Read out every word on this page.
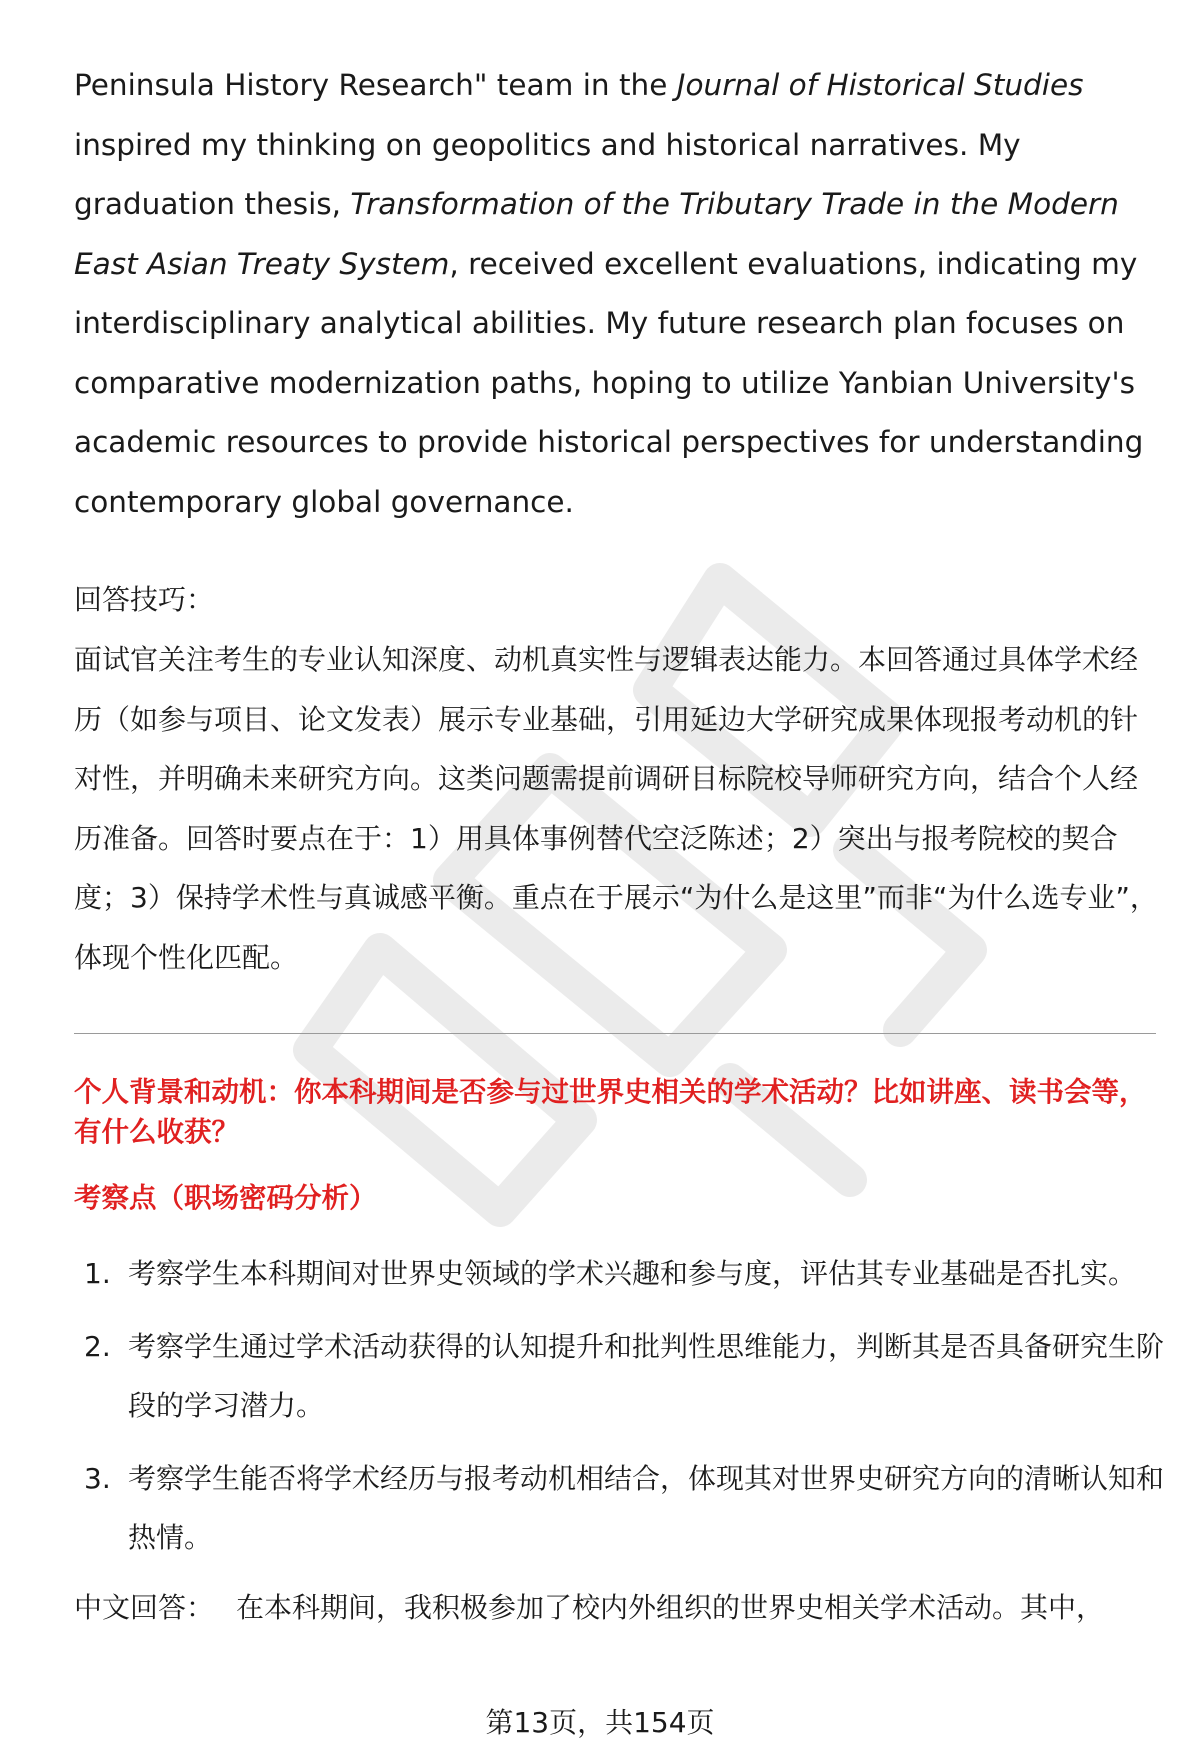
Peninsula History Research" team in the Journal of Historical Studies inspired my thinking on geopolitics and historical narratives. My graduation thesis, Transformation of the Tributary Trade in the Modern East Asian Treaty System, received excellent evaluations, indicating my interdisciplinary analytical abilities. My future research plan focuses on comparative modernization paths, hoping to utilize Yanbian University's academic resources to provide historical perspectives for understanding contemporary global governance.

回答技巧：

面试官关注考生的专业认知深度、动机真实性与逻辑表达能力。本回答通过具体学术经历（如参与项目、论文发表）展示专业基础，引用延边大学研究成果体现报考动机的针对性，并明确未来研究方向。这类问题需提前调研目标院校导师研究方向，结合个人经历准备。回答时要点在于：1）用具体事例替代空泛陈述；2）突出与报考院校的契合度；3）保持学术性与真诚感平衡。重点在于展示“为什么是这里”而非“为什么选专业”，体现个性化匹配。

个人背景和动机：你本科期间是否参与过世界史相关的学术活动？比如讲座、读书会等，有什么收获？

考察点（职场密码分析）

1. 考察学生本科期间对世界史领域的学术兴趣和参与度，评估其专业基础是否扎实。
2. 考察学生通过学术活动获得的认知提升和批判性思维能力，判断其是否具备研究生阶段的学习潜力。
3. 考察学生能否将学术经历与报考动机相结合，体现其对世界史研究方向的清晰认知和热情。

中文回答： 在本科期间，我积极参加了校内外组织的世界史相关学术活动。其中，

第13页，共154页
